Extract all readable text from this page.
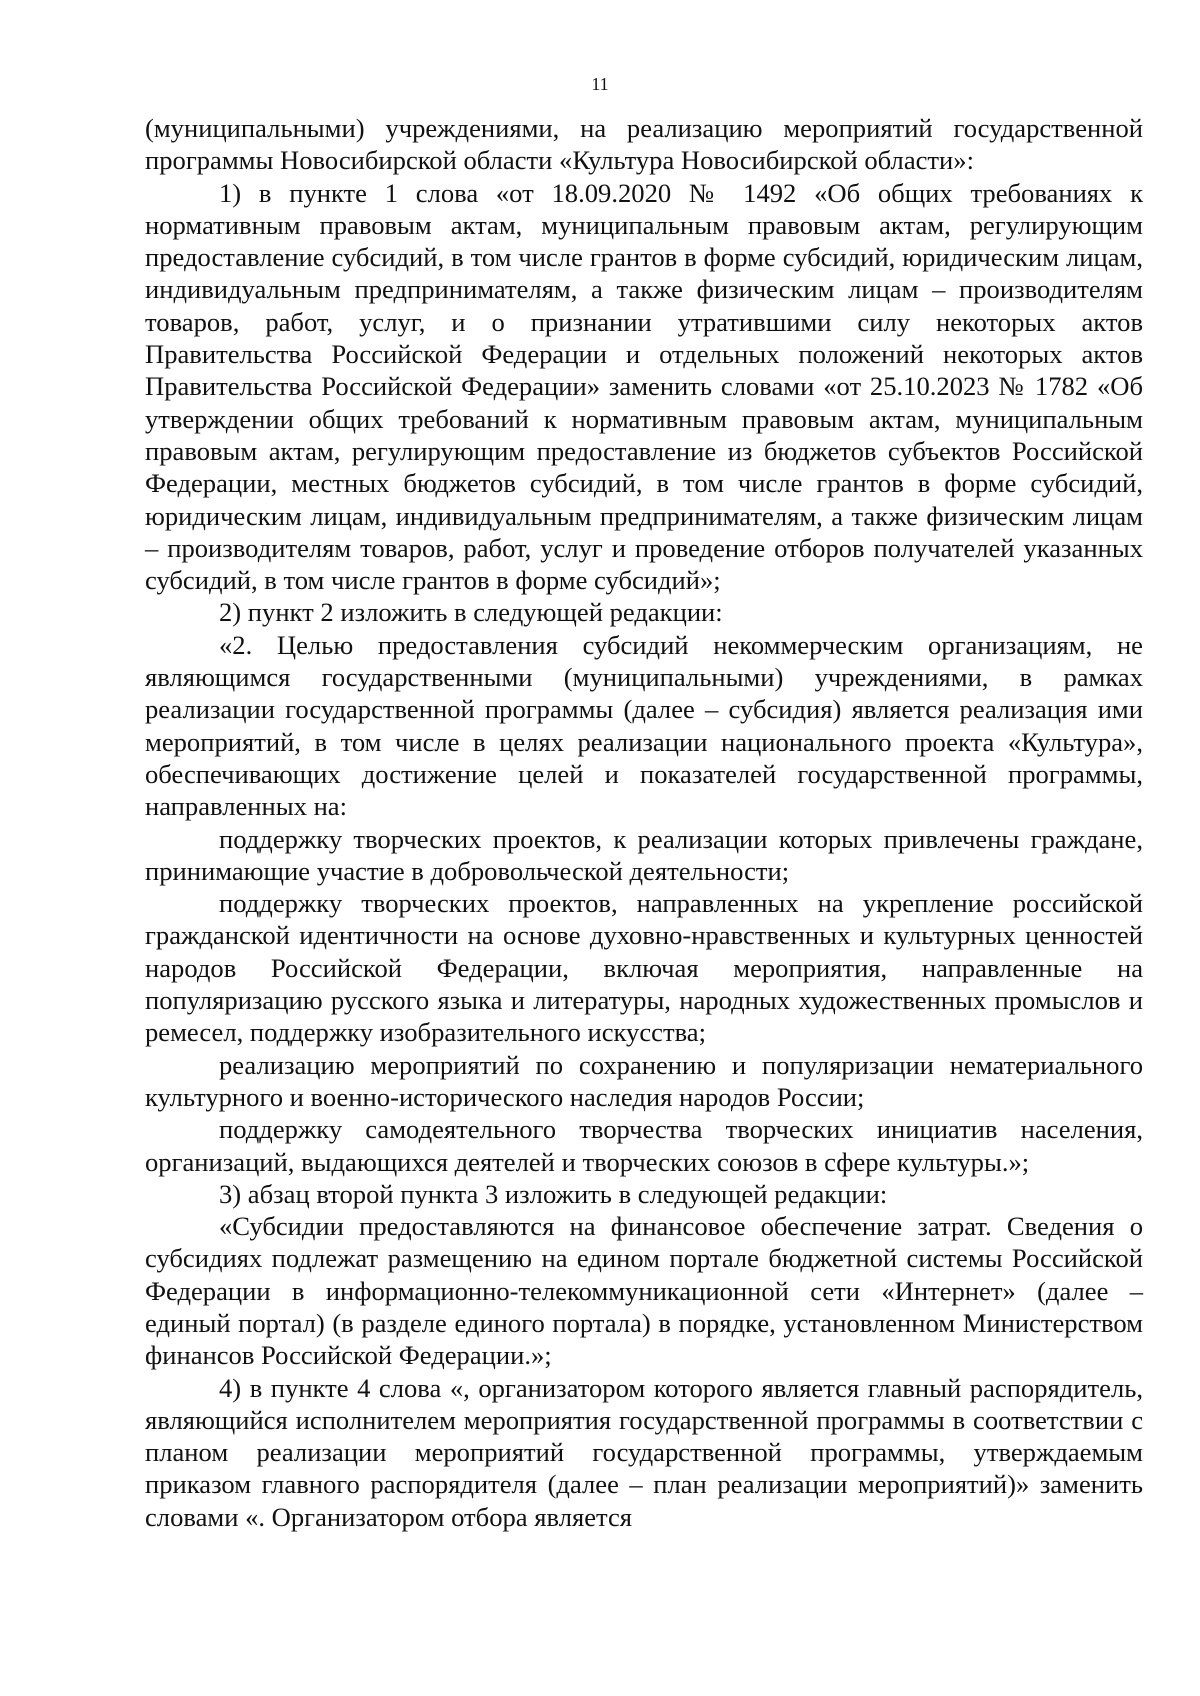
11

(муниципальными) учреждениями, на реализацию мероприятий государственной программы Новосибирской области «Культура Новосибирской области»:

1) в пункте 1 слова «от 18.09.2020 № 1492 «Об общих требованиях к нормативным правовым актам, муниципальным правовым актам, регулирующим предоставление субсидий, в том числе грантов в форме субсидий, юридическим лицам, индивидуальным предпринимателям, а также физическим лицам – производителям товаров, работ, услуг, и о признании утратившими силу некоторых актов Правительства Российской Федерации и отдельных положений некоторых актов Правительства Российской Федерации» заменить словами «от 25.10.2023 № 1782 «Об утверждении общих требований к нормативным правовым актам, муниципальным правовым актам, регулирующим предоставление из бюджетов субъектов Российской Федерации, местных бюджетов субсидий, в том числе грантов в форме субсидий, юридическим лицам, индивидуальным предпринимателям, а также физическим лицам – производителям товаров, работ, услуг и проведение отборов получателей указанных субсидий, в том числе грантов в форме субсидий»;

2) пункт 2 изложить в следующей редакции:

«2. Целью предоставления субсидий некоммерческим организациям, не являющимся государственными (муниципальными) учреждениями, в рамках реализации государственной программы (далее – субсидия) является реализация ими мероприятий, в том числе в целях реализации национального проекта «Культура», обеспечивающих достижение целей и показателей государственной программы, направленных на:

поддержку творческих проектов, к реализации которых привлечены граждане, принимающие участие в добровольческой деятельности;

поддержку творческих проектов, направленных на укрепление российской гражданской идентичности на основе духовно-нравственных и культурных ценностей народов Российской Федерации, включая мероприятия, направленные на популяризацию русского языка и литературы, народных художественных промыслов и ремесел, поддержку изобразительного искусства;

реализацию мероприятий по сохранению и популяризации нематериального культурного и военно-исторического наследия народов России;

поддержку самодеятельного творчества творческих инициатив населения, организаций, выдающихся деятелей и творческих союзов в сфере культуры.»;

3) абзац второй пункта 3 изложить в следующей редакции:

«Субсидии предоставляются на финансовое обеспечение затрат. Сведения о субсидиях подлежат размещению на едином портале бюджетной системы Российской Федерации в информационно-телекоммуникационной сети «Интернет» (далее – единый портал) (в разделе единого портала) в порядке, установленном Министерством финансов Российской Федерации.»;

4) в пункте 4 слова «, организатором которого является главный распорядитель, являющийся исполнителем мероприятия государственной программы в соответствии с планом реализации мероприятий государственной программы, утверждаемым приказом главного распорядителя (далее – план реализации мероприятий)» заменить словами «. Организатором отбора является
